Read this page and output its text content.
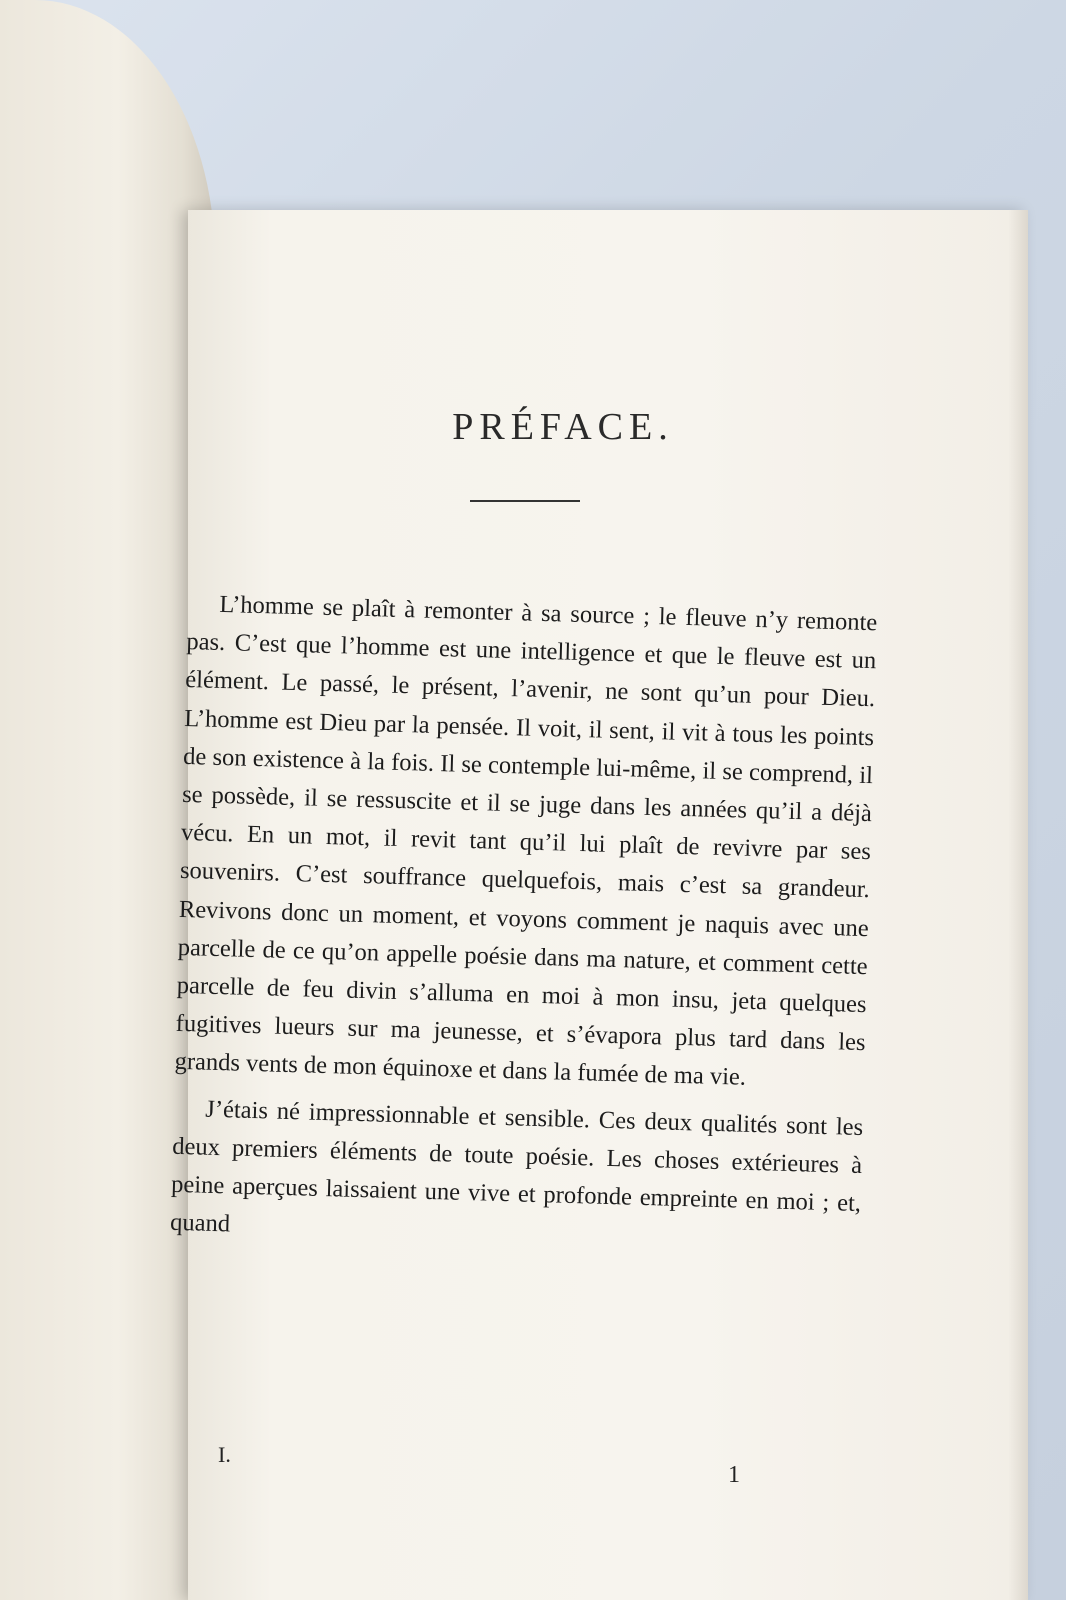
PRÉFACE.

L’homme se plaît à remonter à sa source ; le fleuve n’y remonte pas. C’est que l’homme est une intelligence et que le fleuve est un élément. Le passé, le présent, l’avenir, ne sont qu’un pour Dieu. L’homme est Dieu par la pensée. Il voit, il sent, il vit à tous les points de son existence à la fois. Il se contemple lui-même, il se comprend, il se possède, il se ressuscite et il se juge dans les années qu’il a déjà vécu. En un mot, il revit tant qu’il lui plaît de revivre par ses souvenirs. C’est souffrance quelquefois, mais c’est sa grandeur. Revivons donc un moment, et voyons comment je naquis avec une parcelle de ce qu’on appelle poésie dans ma nature, et comment cette parcelle de feu divin s’alluma en moi à mon insu, jeta quelques fugitives lueurs sur ma jeunesse, et s’évapora plus tard dans les grands vents de mon équinoxe et dans la fumée de ma vie.

J’étais né impressionnable et sensible. Ces deux qualités sont les deux premiers éléments de toute poésie. Les choses extérieures à peine aperçues laissaient une vive et profonde empreinte en moi ; et, quand

I.
1
